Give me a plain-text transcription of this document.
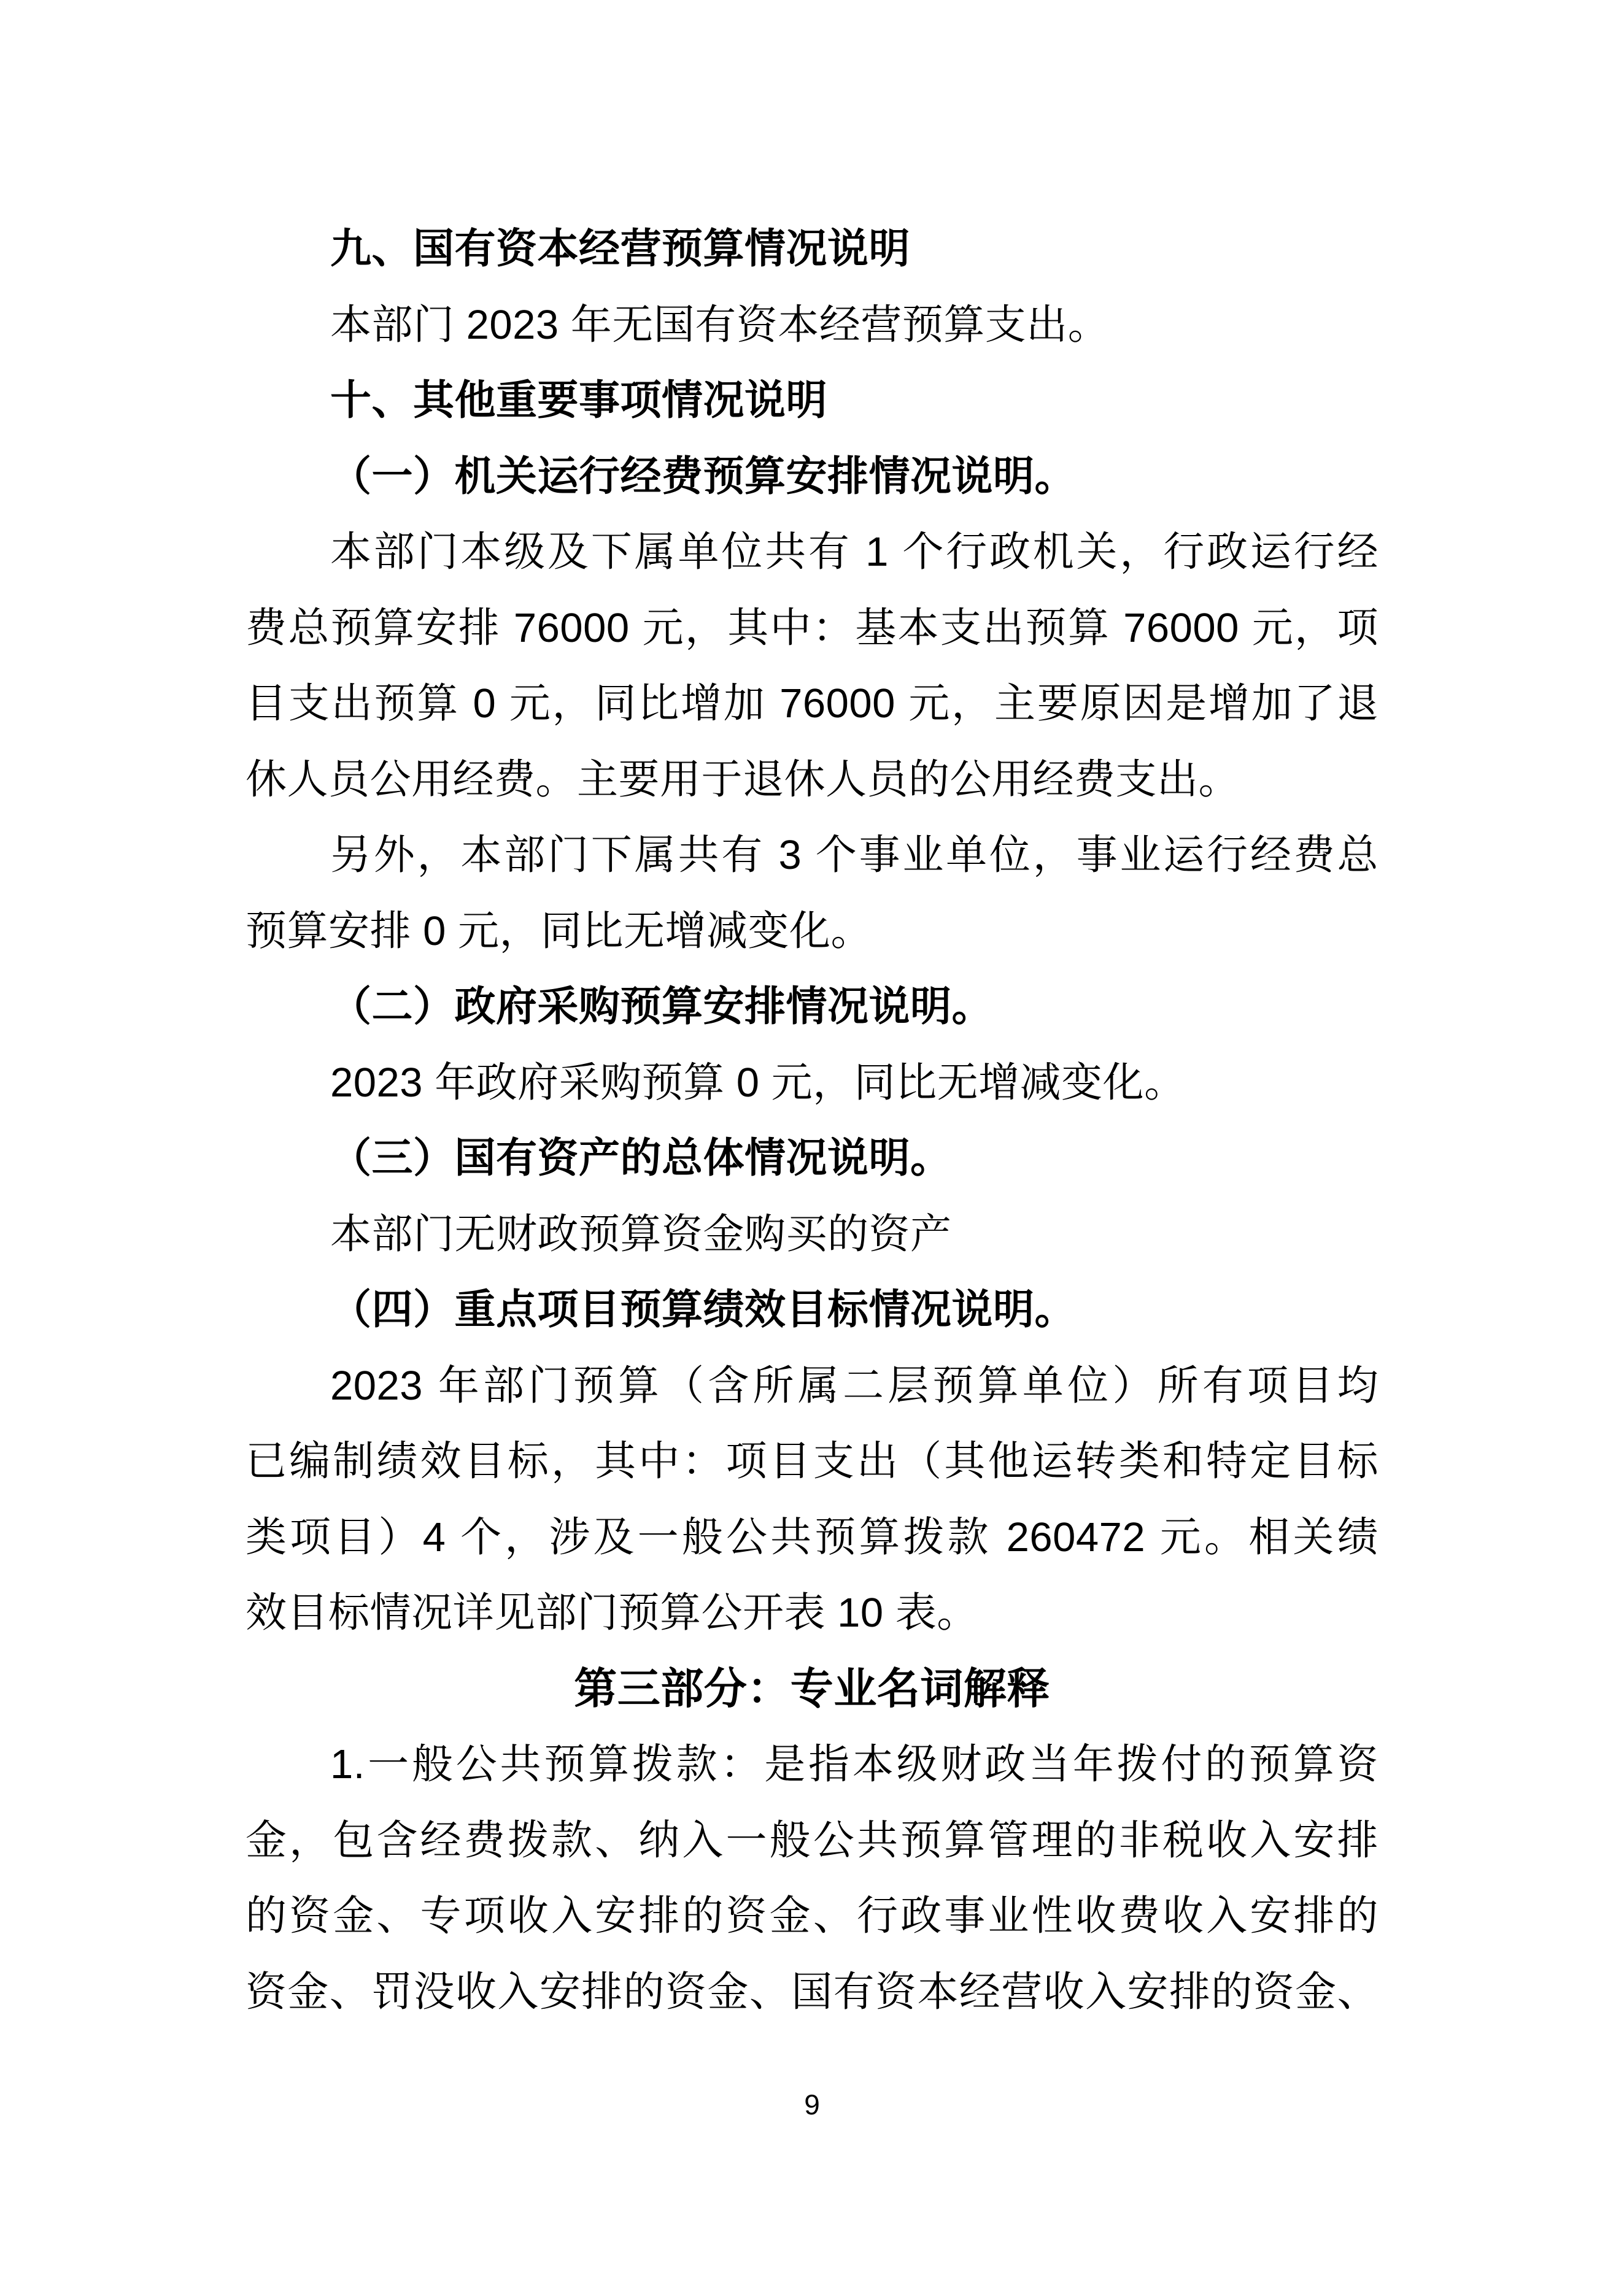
九、国有资本经营预算情况说明
本部门 2023 年无国有资本经营预算支出。
十、其他重要事项情况说明
（一）机关运行经费预算安排情况说明。
本部门本级及下属单位共有 1 个行政机关，行政运行经
费总预算安排 76000 元，其中：基本支出预算 76000 元，项
目支出预算 0 元，同比增加 76000 元，主要原因是增加了退
休人员公用经费。主要用于退休人员的公用经费支出。
另外，本部门下属共有 3 个事业单位，事业运行经费总
预算安排 0 元，同比无增减变化。
（二）政府采购预算安排情况说明。
2023 年政府采购预算 0 元，同比无增减变化。
（三）国有资产的总体情况说明。
本部门无财政预算资金购买的资产
（四）重点项目预算绩效目标情况说明。
2023 年部门预算（含所属二层预算单位）所有项目均
已编制绩效目标，其中：项目支出（其他运转类和特定目标
类项目）4 个，涉及一般公共预算拨款 260472 元。相关绩
效目标情况详见部门预算公开表 10 表。
第三部分：专业名词解释
1.一般公共预算拨款：是指本级财政当年拨付的预算资
金，包含经费拨款、纳入一般公共预算管理的非税收入安排
的资金、专项收入安排的资金、行政事业性收费收入安排的
资金、罚没收入安排的资金、国有资本经营收入安排的资金、
9
